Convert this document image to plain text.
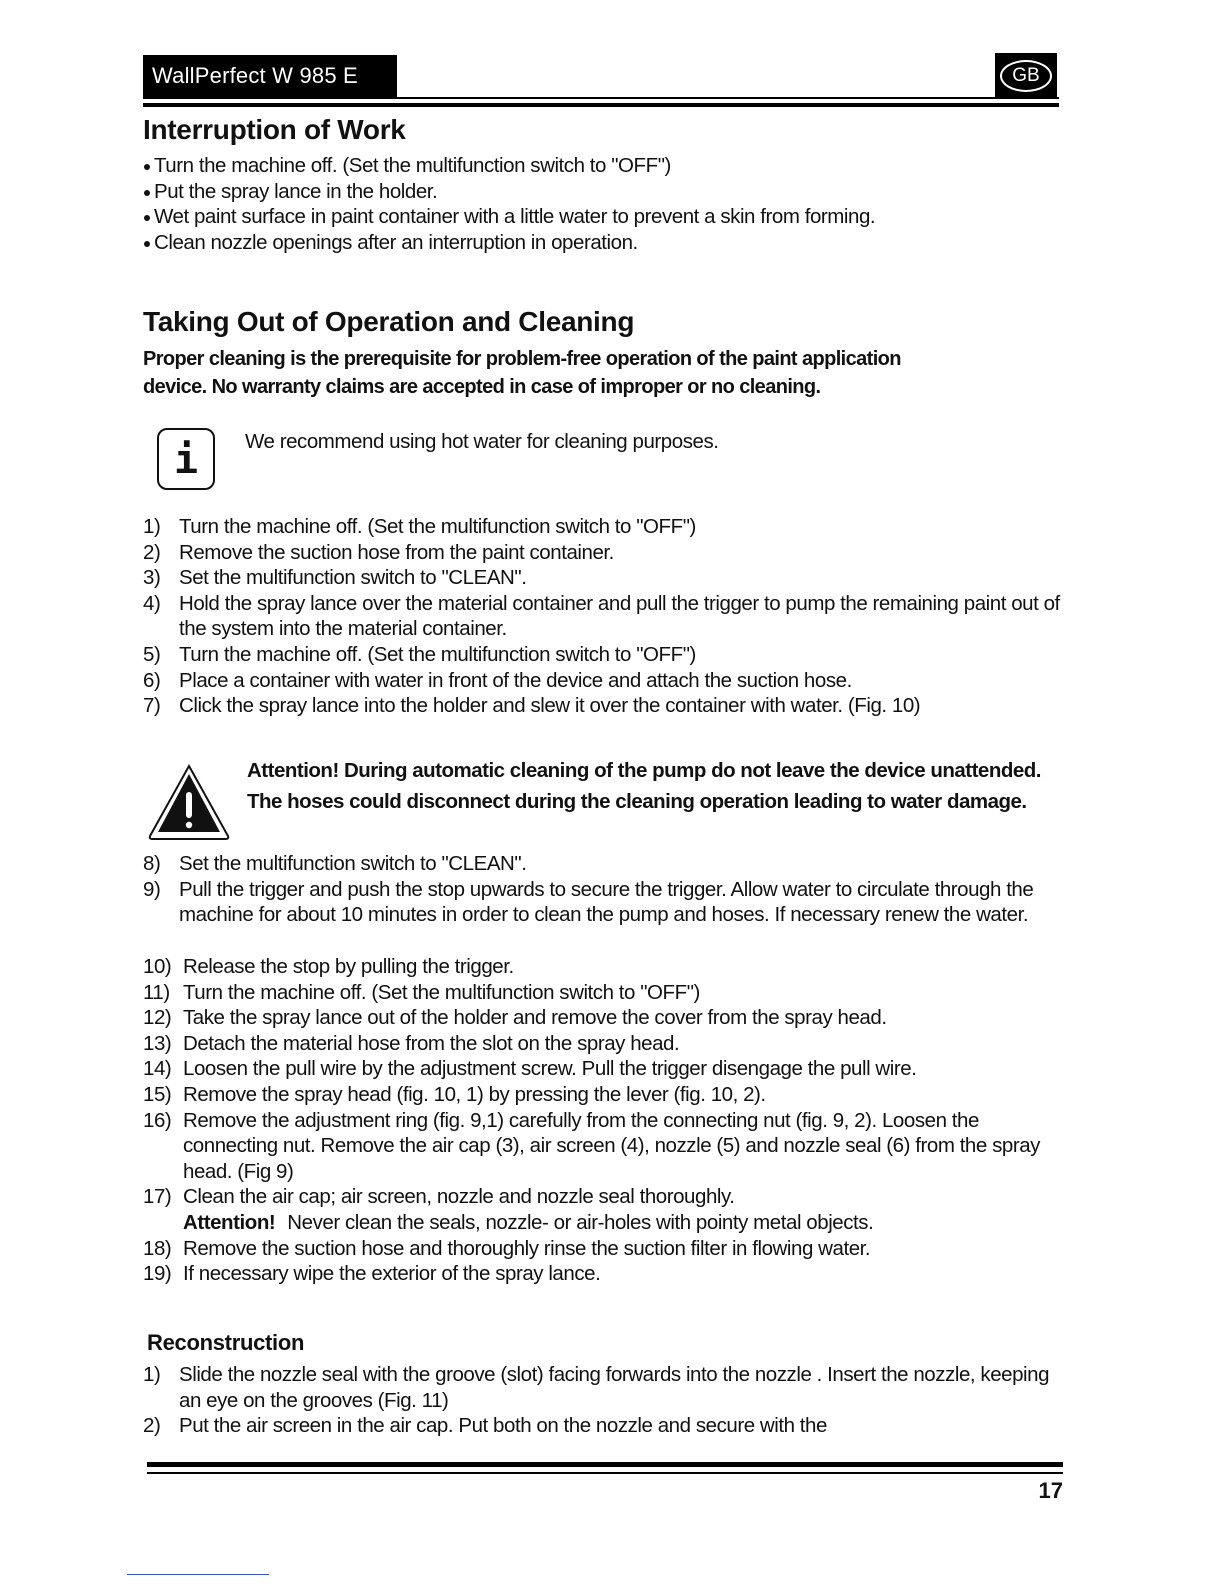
WallPerfect W 985 E	GB
Interruption of Work
Turn the machine off. (Set the multifunction switch to "OFF")
Put the spray lance in the holder.
Wet paint surface in paint container with a little water to prevent a skin from forming.
Clean nozzle openings after an interruption in operation.
Taking Out of Operation and Cleaning
Proper cleaning is the prerequisite for problem-free operation of the paint application
device. No warranty claims are accepted in case of improper or no cleaning.
i	We recommend using hot water for cleaning purposes.
1) Turn the machine off. (Set the multifunction switch to "OFF")
2) Remove the suction hose from the paint container.
3) Set the multifunction switch to "CLEAN".
4) Hold the spray lance over the material container and pull the trigger to pump the remaining paint out of the system into the material container.
5) Turn the machine off. (Set the multifunction switch to "OFF")
6) Place a container with water in front of the device and attach the suction hose.
7) Click the spray lance into the holder and slew it over the container with water. (Fig. 10)
Attention! During automatic cleaning of the pump do not leave the device unattended. The hoses could disconnect during the cleaning operation leading to water damage.
8) Set the multifunction switch to "CLEAN".
9) Pull the trigger and push the stop upwards to secure the trigger. Allow water to circulate through the machine for about 10 minutes in order to clean the pump and hoses. If necessary renew the water.
10) Release the stop by pulling the trigger.
11) Turn the machine off. (Set the multifunction switch to "OFF")
12) Take the spray lance out of the holder and remove the cover from the spray head.
13) Detach the material hose from the slot on the spray head.
14) Loosen the pull wire by the adjustment screw. Pull the trigger disengage the pull wire.
15) Remove the spray head (fig. 10, 1) by pressing the lever (fig. 10, 2).
16) Remove the adjustment ring (fig. 9,1) carefully from the connecting nut (fig. 9, 2). Loosen the connecting nut. Remove the air cap (3), air screen (4), nozzle (5) and nozzle seal (6) from the spray head. (Fig 9)
17) Clean the air cap; air screen, nozzle and nozzle seal thoroughly.
Attention! Never clean the seals, nozzle- or air-holes with pointy metal objects.
18) Remove the suction hose and thoroughly rinse the suction filter in flowing water.
19) If necessary wipe the exterior of the spray lance.
Reconstruction
1) Slide the nozzle seal with the groove (slot) facing forwards into the nozzle . Insert the nozzle, keeping an eye on the grooves (Fig. 11)
2) Put the air screen in the air cap. Put both on the nozzle and secure with the
17
